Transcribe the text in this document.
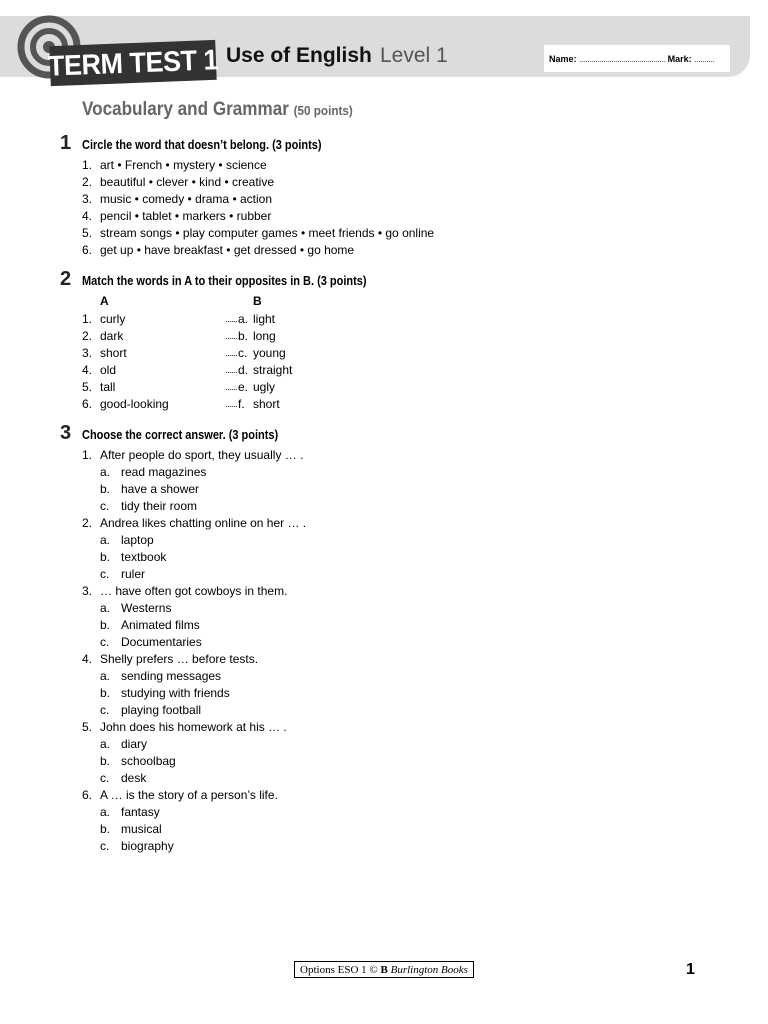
TERM TEST 1 Use of English Level 1	Name:
...........................................
Mark:
..........
Vocabulary and Grammar (50 points)
1 Circle the word that doesn’t belong. (3 points)
1. art • French • mystery • science
2. beautiful • clever • kind • creative
3. music • comedy • drama • action
4. pencil • tablet • markers • rubber
5. stream songs • play computer games • meet friends • go online
6. get up • have breakfast • get dressed • go home
2 Match the words in A to their opposites in B. (3 points)
A	B
1. curly	...... a. light
2. dark	...... b. long
3. short	...... c. young
4. old	...... d. straight
5. tall	...... e. ugly
6. good-looking	...... f. short
3 Choose the correct answer. (3 points)
1. After people do sport, they usually … .
a. read magazines
b. have a shower
c. tidy their room
2. Andrea likes chatting online on her … .
a. laptop
b. textbook
c. ruler
3. … have often got cowboys in them.
a. Westerns
b. Animated films
c. Documentaries
4. Shelly prefers … before tests.
a. sending messages
b. studying with friends
c. playing football
5. John does his homework at his … .
a. diary
b. schoolbag
c. desk
6. A … is the story of a person’s life.
a. fantasy
b. musical
c. biography
Options ESO 1 ©
B
Burlington Books	1
